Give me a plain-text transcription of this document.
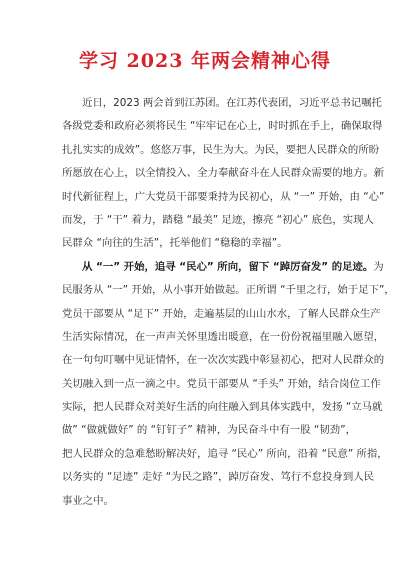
学习 2023 年两会精神心得
近日，2023 两会首到江苏团。在江苏代表团，习近平总书记嘱托
各级党委和政府必须将民生 “牢牢记在心上，时时抓在手上，确保取得
扎扎实实的成效”。悠悠万事，民生为大。为民，要把人民群众的所盼
所愿放在心上，以全情投入、全力奉献奋斗在人民群众需要的地方。新
时代新征程上，广大党员干部要秉持为民初心，从 “一” 开始，由 “心”
而发，于 “干” 着力，踏稳 “最美” 足迹，擦亮 “初心” 底色，实现人
民群众 “向往的生活”，托举他们 “稳稳的幸福”。
从 “一” 开始，追寻 “民心” 所向，留下 “踔厉奋发” 的足迹。为
民服务从 “一” 开始，从小事开始做起。正所谓 “千里之行，始于足下”，
党员干部要从 “足下” 开始，走遍基层的山山水水，了解人民群众生产
生活实际情况，在一声声关怀里透出暖意，在一份份祝福里融入愿望，
在一句句叮嘱中见证情怀，在一次次实践中彰显初心，把对人民群众的
关切融入到一点一滴之中。党员干部要从 “手头” 开始，结合岗位工作
实际，把人民群众对美好生活的向往融入到具体实践中，发扬 “立马就
做” “做就做好” 的 “钉钉子” 精神，为民奋斗中有一股 “韧劲”，
把人民群众的急难愁盼解决好，追寻 “民心” 所向，沿着 “民意” 所指，
以务实的 “足迹” 走好 “为民之路”，踔厉奋发、笃行不怠投身到人民
事业之中。
